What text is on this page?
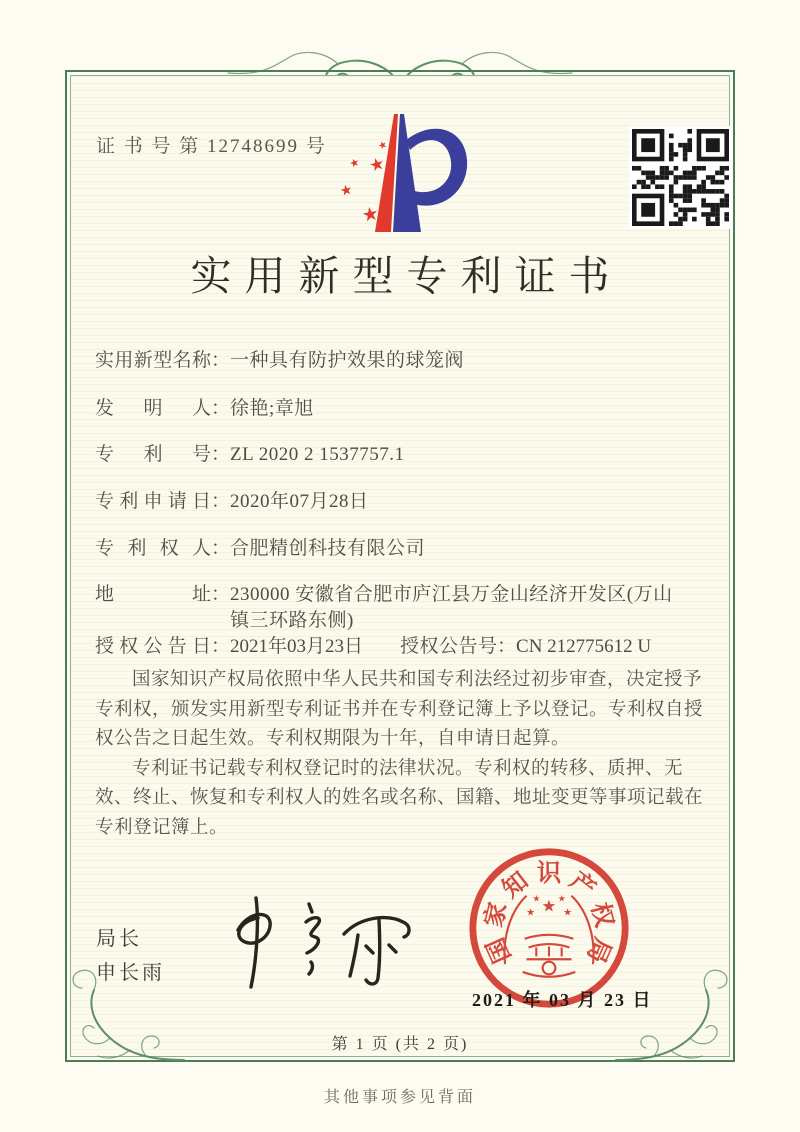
证 书 号 第 12748699 号	★
★
★
★
★
实用新型专利证书
实用新型名称：一种具有防护效果的球笼阀
发明人：徐艳;章旭
专利号：ZL 2020 2 1537757.1
专利申请日：2020年07月28日
专利权人：合肥精创科技有限公司
地址：230000 安徽省合肥市庐江县万金山经济开发区(万山镇三环路东侧)
授权公告日：2021年03月23日 授权公告号：CN 212775612 U

国家知识产权局依照中华人民共和国专利法经过初步审查，决定授予专利权，颁发实用新型专利证书并在专利登记簿上予以登记。专利权自授权公告之日起生效。专利权期限为十年，自申请日起算。

专利证书记载专利权登记时的法律状况。专利权的转移、质押、无效、终止、恢复和专利权人的姓名或名称、国籍、地址变更等事项记载在专利登记簿上。

局长
申长雨
国
家
知 识 产
权
局
★
★	★
★ ★
2021 年 03 月 23 日
第 1 页 (共 2 页)
其他事项参见背面
